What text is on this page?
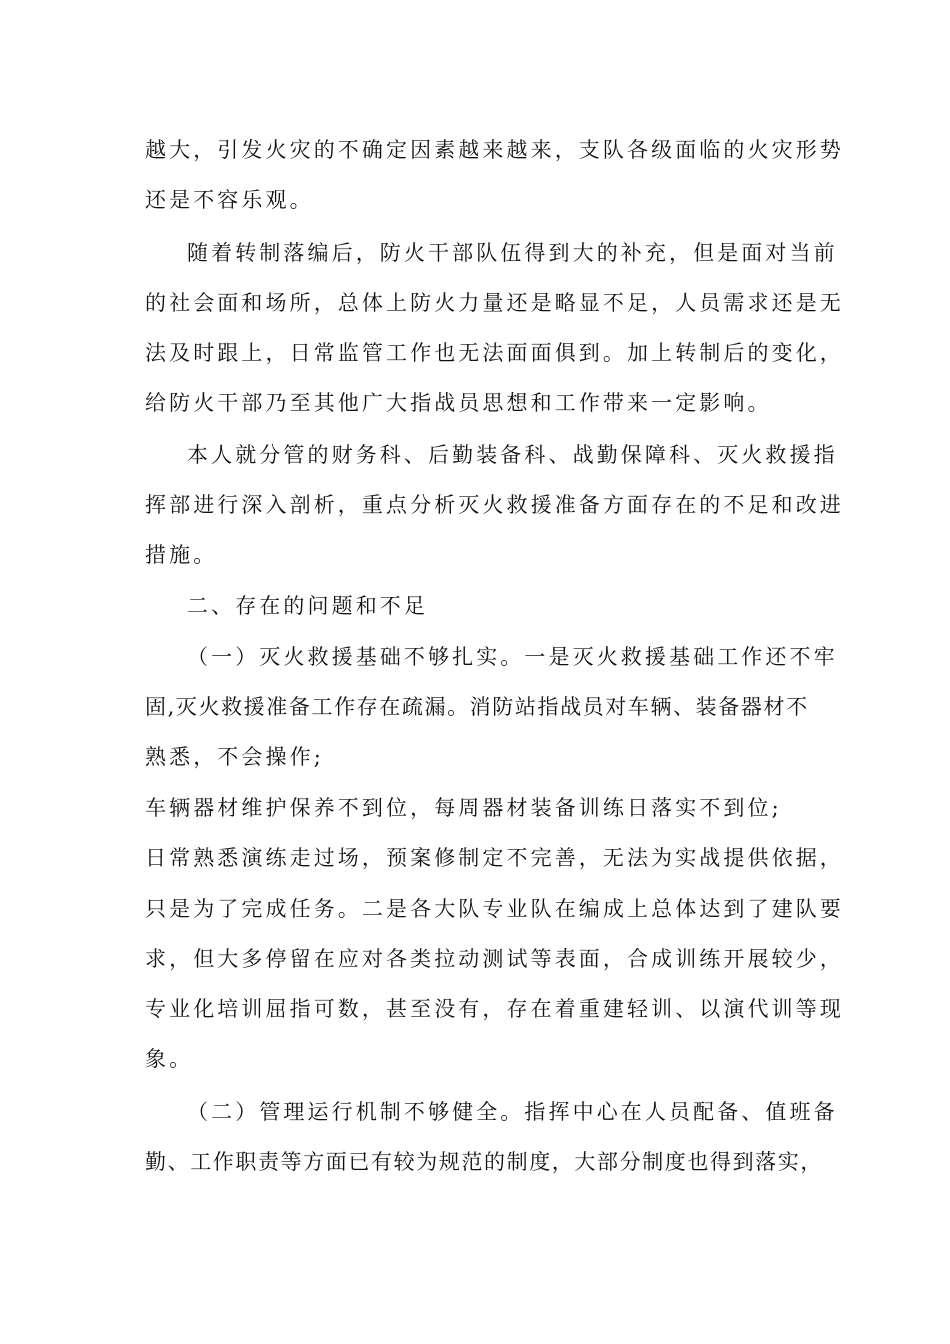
越大，引发火灾的不确定因素越来越来，支队各级面临的火灾形势
还是不容乐观。
随着转制落编后，防火干部队伍得到大的补充，但是面对当前
的社会面和场所，总体上防火力量还是略显不足，人员需求还是无
法及时跟上，日常监管工作也无法面面俱到。加上转制后的变化，
给防火干部乃至其他广大指战员思想和工作带来一定影响。
本人就分管的财务科、后勤装备科、战勤保障科、灭火救援指
挥部进行深入剖析，重点分析灭火救援准备方面存在的不足和改进
措施。
二、存在的问题和不足
（一）灭火救援基础不够扎实。一是灭火救援基础工作还不牢
固,灭火救援准备工作存在疏漏。消防站指战员对车辆、装备器材不
熟悉，不会操作;
车辆器材维护保养不到位，每周器材装备训练日落实不到位;
日常熟悉演练走过场，预案修制定不完善，无法为实战提供依据，
只是为了完成任务。二是各大队专业队在编成上总体达到了建队要
求，但大多停留在应对各类拉动测试等表面，合成训练开展较少，
专业化培训屈指可数，甚至没有，存在着重建轻训、以演代训等现
象。
（二）管理运行机制不够健全。指挥中心在人员配备、值班备
勤、工作职责等方面已有较为规范的制度，大部分制度也得到落实，
